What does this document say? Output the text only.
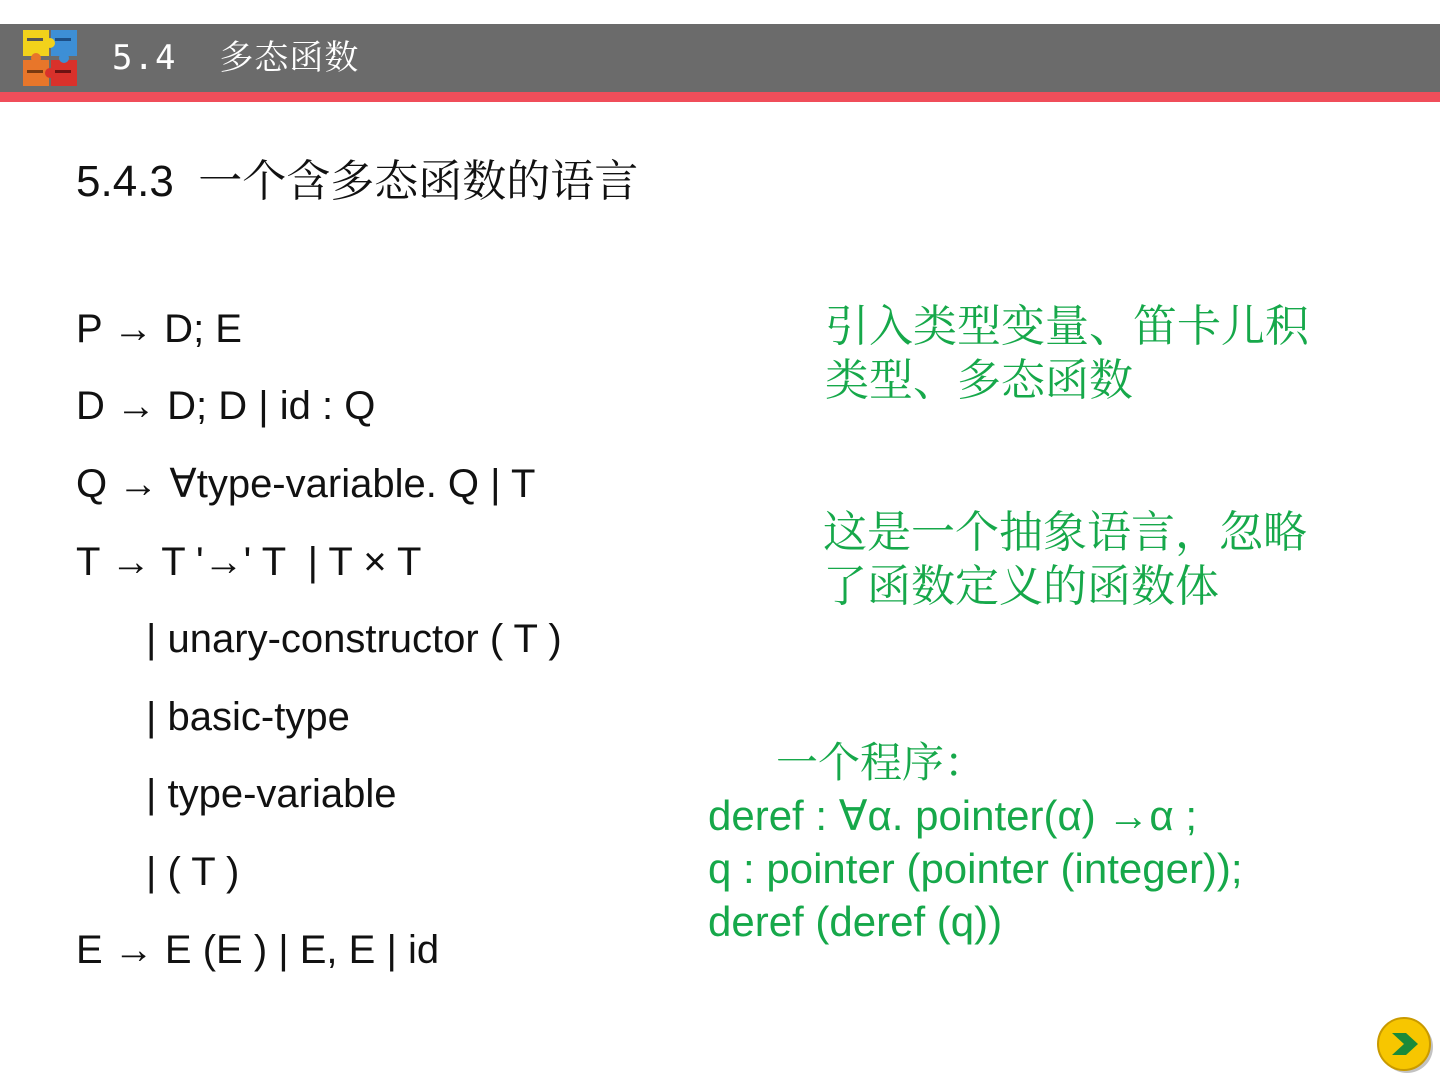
5.4  多态函数
5.4.3  一个含多态函数的语言
P → D; E
D → D; D | id : Q
Q → ∀type-variable. Q | T
T → T '→' T  | T × T
| unary-constructor ( T )
| basic-type
| type-variable
| ( T )
E → E (E ) | E, E | id
引入类型变量、笛卡儿积
类型、多态函数
这是一个抽象语言，忽略
了函数定义的函数体
一个程序：
deref : ∀α. pointer(α) →α ;
q : pointer (pointer (integer));
deref (deref (q))
